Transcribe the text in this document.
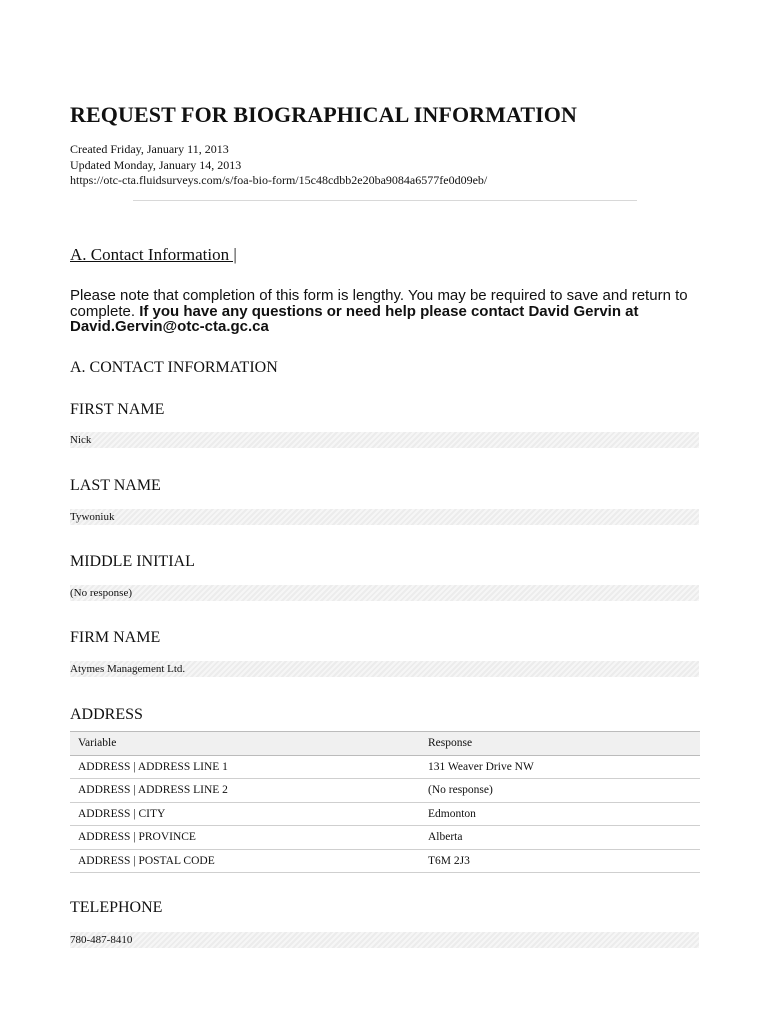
REQUEST FOR BIOGRAPHICAL INFORMATION
Created Friday, January 11, 2013
Updated Monday, January 14, 2013
https://otc-cta.fluidsurveys.com/s/foa-bio-form/15c48cdbb2e20ba9084a6577fe0d09eb/
A. Contact Information |
Please note that completion of this form is lengthy. You may be required to save and return to complete. If you have any questions or need help please contact David Gervin at David.Gervin@otc-cta.gc.ca
A. CONTACT INFORMATION
FIRST NAME
Nick
LAST NAME
Tywoniuk
MIDDLE INITIAL
(No response)
FIRM NAME
Atymes Management Ltd.
ADDRESS
Variable	Response
ADDRESS | ADDRESS LINE 1	131 Weaver Drive NW
ADDRESS | ADDRESS LINE 2	(No response)
ADDRESS | CITY	Edmonton
ADDRESS | PROVINCE	Alberta
ADDRESS | POSTAL CODE	T6M 2J3
TELEPHONE
780-487-8410
